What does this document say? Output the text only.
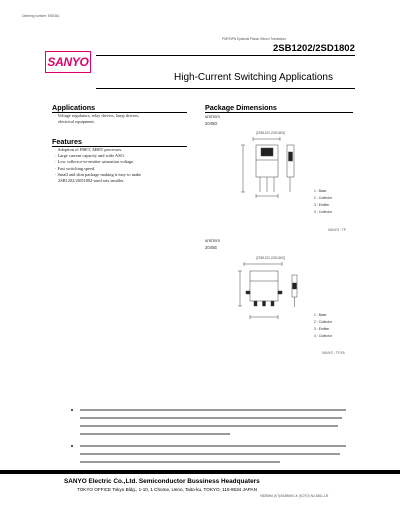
Ordering number: EN5361
PNP/NPN Epitaxial Planar Silicon Transistors
2SB1202/2SD1802
SANYO
High-Current Switching Applications
Applications
· Voltage regulators, relay drivers, lamp drivers,
electrical equipment.
Features
· Adoption of FBET, MBIT processes.
· Large current capacity and wide ASO.
· Low collector-to-emitter saturation voltage.
· Fast switching speed.
· Small and slim package making it easy to make
2SB1202/2SD1802-used sets smaller.
Package Dimensions
unit:mm
2045D
[2SB1202,2SD1802]
1 : Base
2 : Collector
3 : Emitter
4 : Collector
SANYO : TP
unit:mm
2045E
[2SB1202,2SD1802]
1 : Base
2 : Collector
3 : Emitter
4 : Collector
SANYO : TP-FA
SANYO Electric Co.,Ltd. Semiconductor Bussiness Headquaters
TOKYO OFFICE Tokyo Bldg., 1-10, 1 Chome, Ueno, Taito-ku, TOKYO, 110-8534 JAPAN
93098HA (KT)/51896HO-K (KOTO) No.5361-1/5
